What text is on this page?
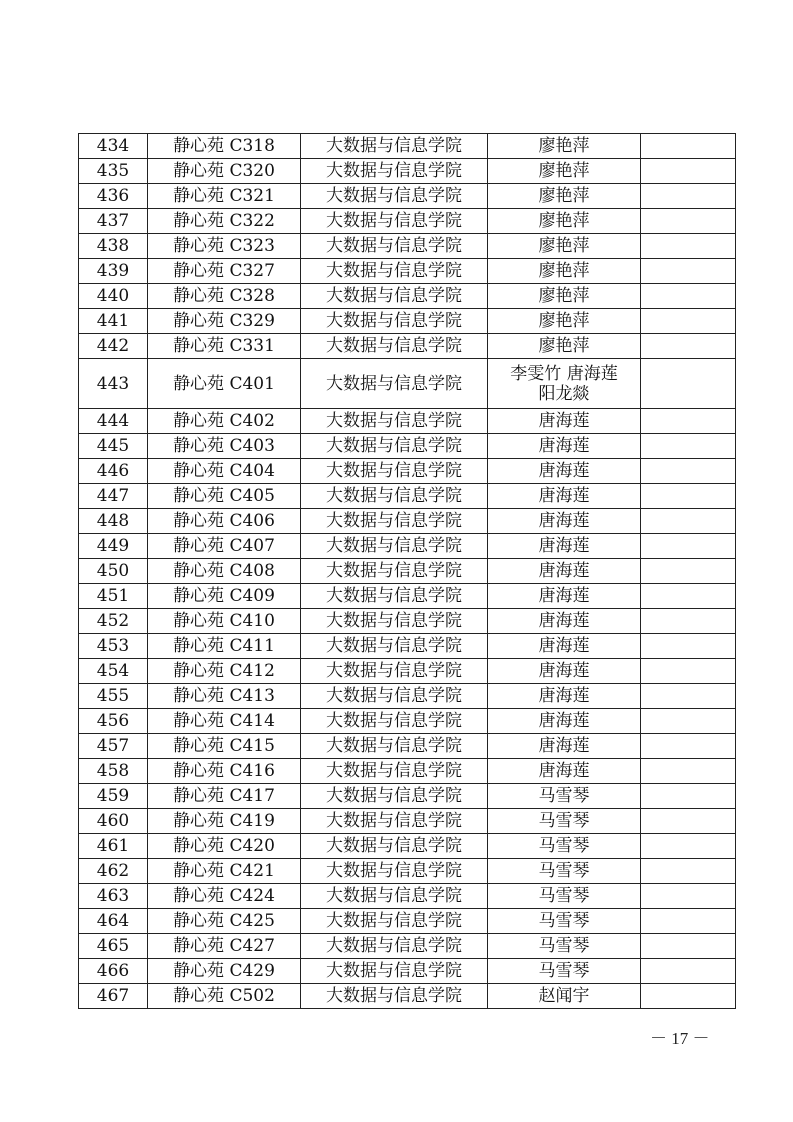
434	静心苑 C318	大数据与信息学院	廖艳萍	
435	静心苑 C320	大数据与信息学院	廖艳萍	
436	静心苑 C321	大数据与信息学院	廖艳萍	
437	静心苑 C322	大数据与信息学院	廖艳萍	
438	静心苑 C323	大数据与信息学院	廖艳萍	
439	静心苑 C327	大数据与信息学院	廖艳萍	
440	静心苑 C328	大数据与信息学院	廖艳萍	
441	静心苑 C329	大数据与信息学院	廖艳萍	
442	静心苑 C331	大数据与信息学院	廖艳萍	
443	静心苑 C401	大数据与信息学院	李雯竹 唐海莲
阳龙燚	

444	静心苑 C402	大数据与信息学院	唐海莲	
445	静心苑 C403	大数据与信息学院	唐海莲	
446	静心苑 C404	大数据与信息学院	唐海莲	
447	静心苑 C405	大数据与信息学院	唐海莲	
448	静心苑 C406	大数据与信息学院	唐海莲	
449	静心苑 C407	大数据与信息学院	唐海莲	
450	静心苑 C408	大数据与信息学院	唐海莲	
451	静心苑 C409	大数据与信息学院	唐海莲	
452	静心苑 C410	大数据与信息学院	唐海莲	
453	静心苑 C411	大数据与信息学院	唐海莲	
454	静心苑 C412	大数据与信息学院	唐海莲	
455	静心苑 C413	大数据与信息学院	唐海莲	
456	静心苑 C414	大数据与信息学院	唐海莲	
457	静心苑 C415	大数据与信息学院	唐海莲	
458	静心苑 C416	大数据与信息学院	唐海莲	
459	静心苑 C417	大数据与信息学院	马雪琴	
460	静心苑 C419	大数据与信息学院	马雪琴	
461	静心苑 C420	大数据与信息学院	马雪琴	
462	静心苑 C421	大数据与信息学院	马雪琴	
463	静心苑 C424	大数据与信息学院	马雪琴	
464	静心苑 C425	大数据与信息学院	马雪琴	
465	静心苑 C427	大数据与信息学院	马雪琴	
466	静心苑 C429	大数据与信息学院	马雪琴	
467	静心苑 C502	大数据与信息学院	赵闻宇	
－ 17 －
